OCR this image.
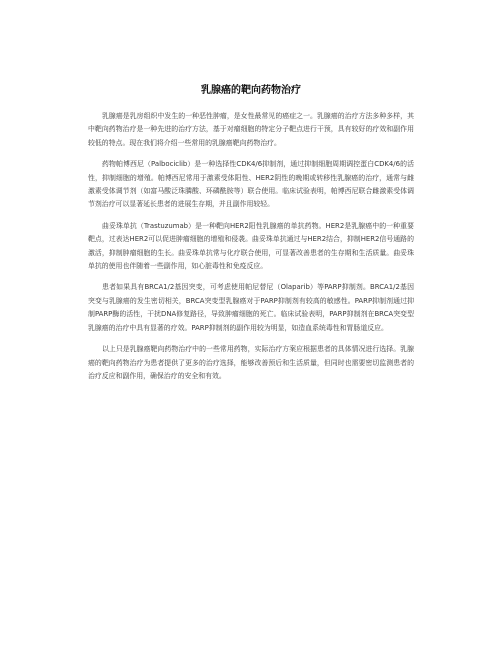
乳腺癌的靶向药物治疗

乳腺癌是乳房组织中发生的一种恶性肿瘤，是女性最常见的癌症之一。乳腺癌的治疗方法多种多样，其中靶向药物治疗是一种先进的治疗方法，基于对瘤细胞的特定分子靶点进行干预，具有较好的疗效和副作用较低的特点。现在我们将介绍一些常用的乳腺癌靶向药物治疗。

药物帕博西尼（Palbociclib）是一种选择性CDK4/6抑制剂，通过抑制细胞周期调控蛋白CDK4/6的活性，抑制细胞的增殖。帕博西尼常用于激素受体阳性、HER2阴性的晚期或转移性乳腺癌的治疗，通常与雌激素受体调节剂（如富马酸泛珠膦酸、环磷酰胺等）联合使用。临床试验表明，帕博西尼联合雌激素受体调节剂治疗可以显著延长患者的进展生存期，并且副作用较轻。

曲妥珠单抗（Trastuzumab）是一种靶向HER2阳性乳腺癌的单抗药物。HER2是乳腺癌中的一种重要靶点，过表达HER2可以促进肿瘤细胞的增殖和侵袭。曲妥珠单抗通过与HER2结合，抑制HER2信号通路的激活，抑制肿瘤细胞的生长。曲妥珠单抗常与化疗联合使用，可显著改善患者的生存期和生活质量。曲妥珠单抗的使用也伴随着一些副作用，如心脏毒性和免疫反应。

患者如果具有BRCA1/2基因突变，可考虑使用帕尼替尼（Olaparib）等PARP抑制剂。BRCA1/2基因突变与乳腺癌的发生密切相关，BRCA突变型乳腺癌对于PARP抑制剂有较高的敏感性。PARP抑制剂通过抑制PARP酶的活性，干扰DNA修复路径，导致肿瘤细胞的死亡。临床试验表明，PARP抑制剂在BRCA突变型乳腺癌的治疗中具有显著的疗效。PARP抑制剂的副作用较为明显，如造血系统毒性和胃肠道反应。

以上只是乳腺癌靶向药物治疗中的一些常用药物，实际治疗方案应根据患者的具体情况进行选择。乳腺癌的靶向药物治疗为患者提供了更多的治疗选择，能够改善预后和生活质量，但同时也需要密切监测患者的治疗反应和副作用，确保治疗的安全和有效。
